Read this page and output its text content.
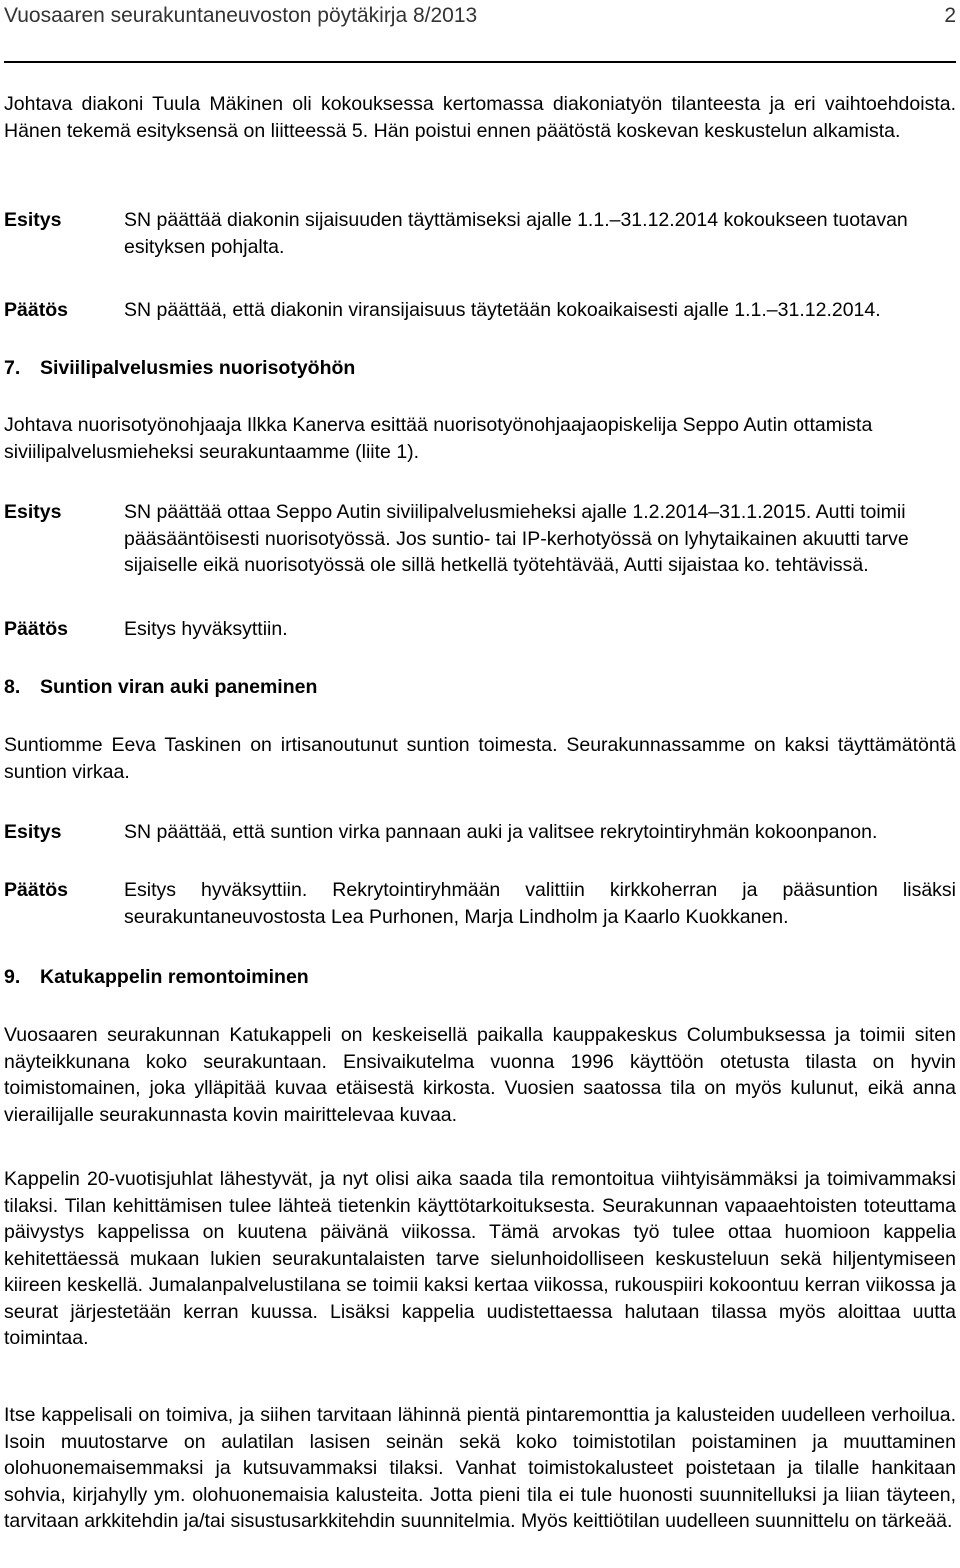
Vuosaaren seurakuntaneuvoston pöytäkirja 8/2013	2
Johtava diakoni Tuula Mäkinen oli kokouksessa kertomassa diakoniatyön tilanteesta ja eri vaihtoehdoista. Hänen tekemä esityksensä on liitteessä 5. Hän poistui ennen päätöstä koskevan keskustelun alkamista.
Esitys	SN päättää diakonin sijaisuuden täyttämiseksi ajalle 1.1.–31.12.2014 kokoukseen tuotavan esityksen pohjalta.
Päätös	SN päättää, että diakonin viransijaisuus täytetään kokoaikaisesti ajalle 1.1.–31.12.2014.
7. Siviilipalvelusmies nuorisotyöhön
Johtava nuorisotyönohjaaja Ilkka Kanerva esittää nuorisotyönohjaajaopiskelija Seppo Autin ottamista siviilipalvelusmieheksi seurakuntaamme (liite 1).
Esitys	SN päättää ottaa Seppo Autin siviilipalvelusmieheksi ajalle 1.2.2014–31.1.2015. Autti toimii pääsääntöisesti nuorisotyössä. Jos suntio- tai IP-kerhotyössä on lyhytaikainen akuutti tarve sijaiselle eikä nuorisotyössä ole sillä hetkellä työtehtävää, Autti sijaistaa ko. tehtävissä.
Päätös	Esitys hyväksyttiin.
8. Suntion viran auki paneminen
Suntiomme Eeva Taskinen on irtisanoutunut suntion toimesta. Seurakunnassamme on kaksi täyttämätöntä suntion virkaa.
Esitys	SN päättää, että suntion virka pannaan auki ja valitsee rekrytointiryhmän kokoonpanon.
Päätös	Esitys hyväksyttiin. Rekrytointiryhmään valittiin kirkkoherran ja pääsuntion lisäksi seurakuntaneuvostosta Lea Purhonen, Marja Lindholm ja Kaarlo Kuokkanen.
9. Katukappelin remontoiminen
Vuosaaren seurakunnan Katukappeli on keskeisellä paikalla kauppakeskus Columbuksessa ja toimii siten näyteikkunana koko seurakuntaan. Ensivaikutelma vuonna 1996 käyttöön otetusta tilasta on hyvin toimistomainen, joka ylläpitää kuvaa etäisestä kirkosta. Vuosien saatossa tila on myös kulunut, eikä anna vierailijalle seurakunnasta kovin mairittelevaa kuvaa.
Kappelin 20-vuotisjuhlat lähestyvät, ja nyt olisi aika saada tila remontoitua viihtyisämmäksi ja toimivammaksi tilaksi. Tilan kehittämisen tulee lähteä tietenkin käyttötarkoituksesta. Seurakunnan vapaaehtoisten toteuttama päivystys kappelissa on kuutena päivänä viikossa. Tämä arvokas työ tulee ottaa huomioon kappelia kehitettäessä mukaan lukien seurakuntalaisten tarve sielunhoidolliseen keskusteluun sekä hiljentymiseen kiireen keskellä. Jumalanpalvelustilana se toimii kaksi kertaa viikossa, rukouspiiri kokoontuu kerran viikossa ja seurat järjestetään kerran kuussa. Lisäksi kappelia uudistettaessa halutaan tilassa myös aloittaa uutta toimintaa.
Itse kappelisali on toimiva, ja siihen tarvitaan lähinnä pientä pintaremonttia ja kalusteiden uudelleen verhoilua. Isoin muutostarve on aulatilan lasisen seinän sekä koko toimistotilan poistaminen ja muuttaminen olohuonemaisemmaksi ja kutsuvammaksi tilaksi. Vanhat toimistokalusteet poistetaan ja tilalle hankitaan sohvia, kirjahylly ym. olohuonemaisia kalusteita. Jotta pieni tila ei tule huonosti suunnitelluksi ja liian täyteen, tarvitaan arkkitehdin ja/tai sisustusarkkitehdin suunnitelmia. Myös keittiötilan uudelleen suunnittelu on tärkeää.
